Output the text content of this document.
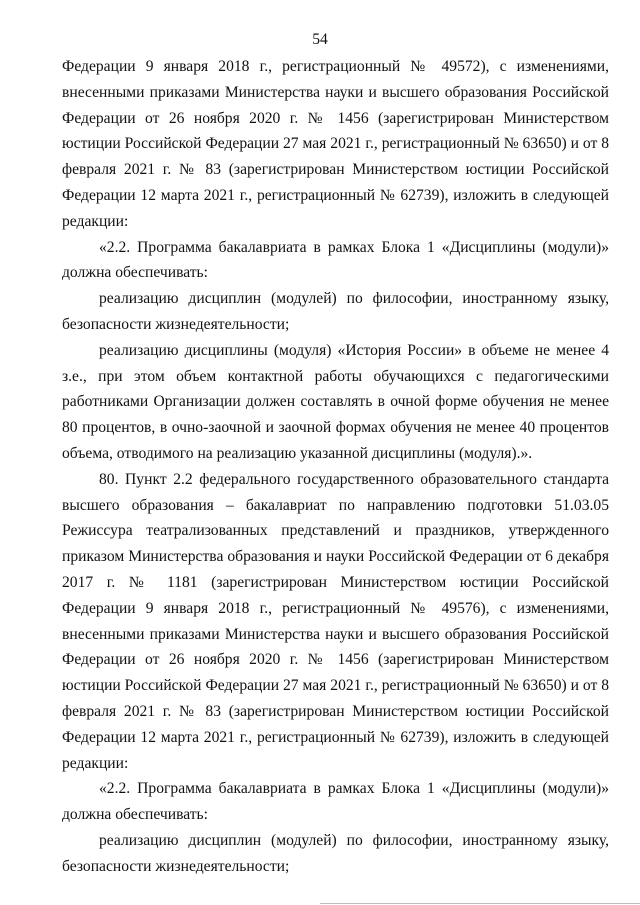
54

Федерации 9 января 2018 г., регистрационный № 49572), с изменениями, внесенными приказами Министерства науки и высшего образования Российской Федерации от 26 ноября 2020 г. № 1456 (зарегистрирован Министерством юстиции Российской Федерации 27 мая 2021 г., регистрационный № 63650) и от 8 февраля 2021 г. № 83 (зарегистрирован Министерством юстиции Российской Федерации 12 марта 2021 г., регистрационный № 62739), изложить в следующей редакции:

«2.2. Программа бакалавриата в рамках Блока 1 «Дисциплины (модули)» должна обеспечивать:

реализацию дисциплин (модулей) по философии, иностранному языку, безопасности жизнедеятельности;

реализацию дисциплины (модуля) «История России» в объеме не менее 4 з.е., при этом объем контактной работы обучающихся с педагогическими работниками Организации должен составлять в очной форме обучения не менее 80 процентов, в очно-заочной и заочной формах обучения не менее 40 процентов объема, отводимого на реализацию указанной дисциплины (модуля).».

80. Пункт 2.2 федерального государственного образовательного стандарта высшего образования – бакалавриат по направлению подготовки 51.03.05 Режиссура театрализованных представлений и праздников, утвержденного приказом Министерства образования и науки Российской Федерации от 6 декабря 2017 г. № 1181 (зарегистрирован Министерством юстиции Российской Федерации 9 января 2018 г., регистрационный № 49576), с изменениями, внесенными приказами Министерства науки и высшего образования Российской Федерации от 26 ноября 2020 г. № 1456 (зарегистрирован Министерством юстиции Российской Федерации 27 мая 2021 г., регистрационный № 63650) и от 8 февраля 2021 г. № 83 (зарегистрирован Министерством юстиции Российской Федерации 12 марта 2021 г., регистрационный № 62739), изложить в следующей редакции:

«2.2. Программа бакалавриата в рамках Блока 1 «Дисциплины (модули)» должна обеспечивать:

реализацию дисциплин (модулей) по философии, иностранному языку, безопасности жизнедеятельности;
